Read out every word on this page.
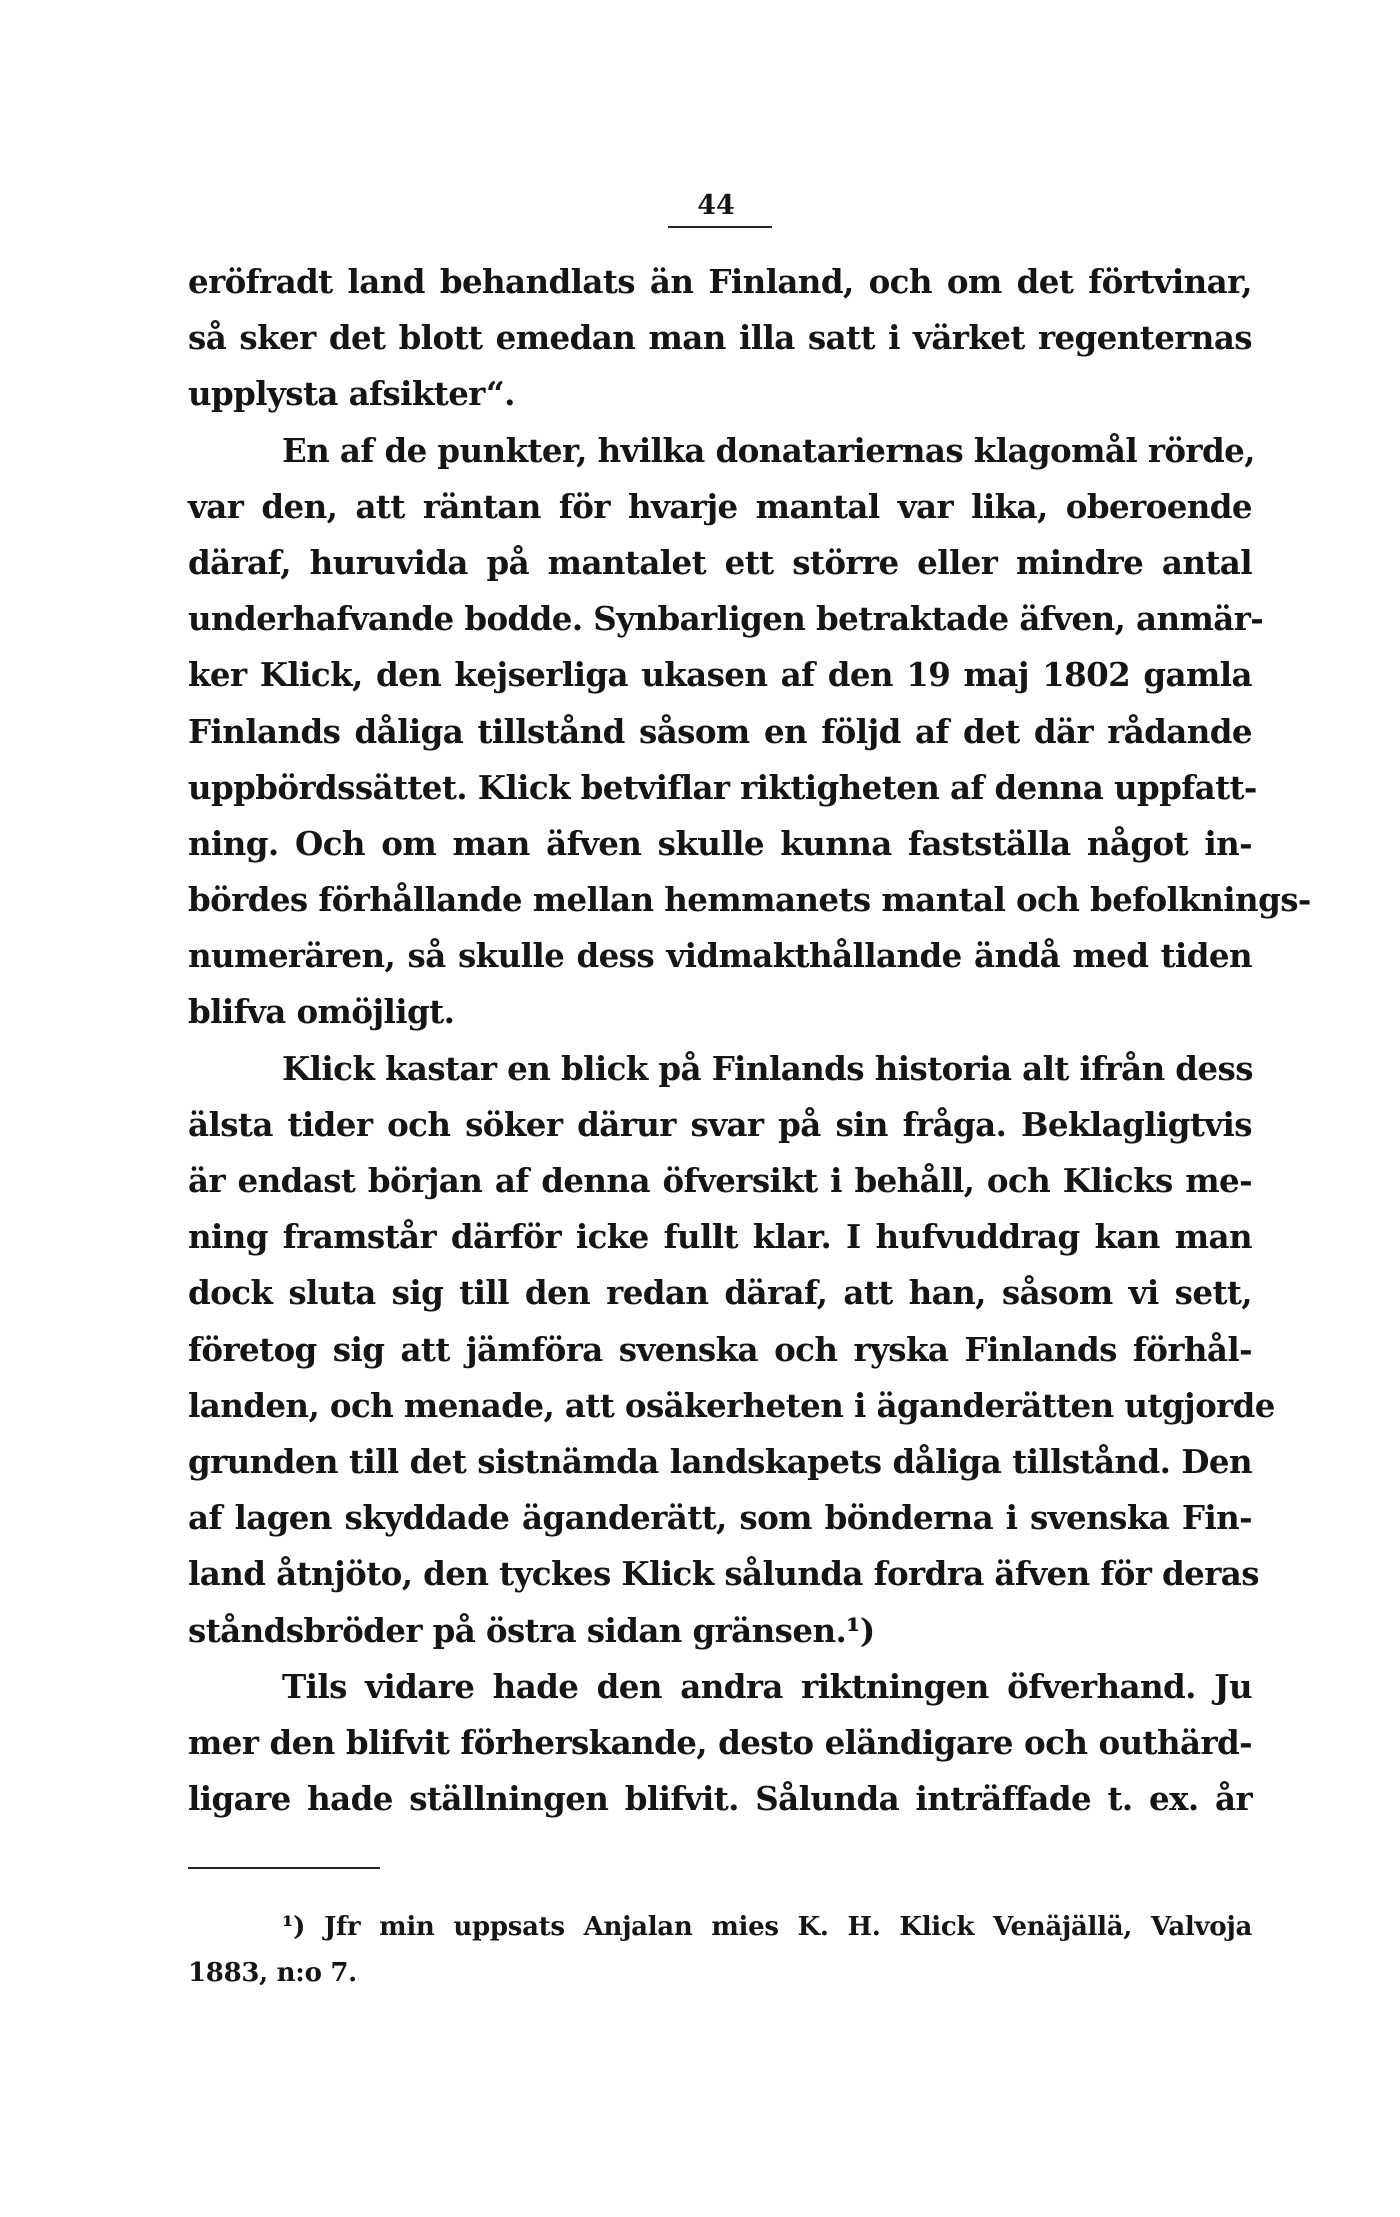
44
eröfradt land behandlats än Finland, och om det förtvinar,
så sker det blott emedan man illa satt i värket regenternas
upplysta afsikter“.
En af de punkter, hvilka donatariernas klagomål rörde,
var den, att räntan för hvarje mantal var lika, oberoende
däraf, huruvida på mantalet ett större eller mindre antal
underhafvande bodde. Synbarligen betraktade äfven, anmär-
ker Klick, den kejserliga ukasen af den 19 maj 1802 gamla
Finlands dåliga tillstånd såsom en följd af det där rådande
uppbördssättet. Klick betviflar riktigheten af denna uppfatt-
ning. Och om man äfven skulle kunna fastställa något in-
bördes förhållande mellan hemmanets mantal och befolknings-
numerären, så skulle dess vidmakthållande ändå med tiden
blifva omöjligt.
Klick kastar en blick på Finlands historia alt ifrån dess
älsta tider och söker därur svar på sin fråga. Beklagligtvis
är endast början af denna öfversikt i behåll, och Klicks me-
ning framstår därför icke fullt klar. I hufvuddrag kan man
dock sluta sig till den redan däraf, att han, såsom vi sett,
företog sig att jämföra svenska och ryska Finlands förhål-
landen, och menade, att osäkerheten i äganderätten utgjorde
grunden till det sistnämda landskapets dåliga tillstånd. Den
af lagen skyddade äganderätt, som bönderna i svenska Fin-
land åtnjöto, den tyckes Klick sålunda fordra äfven för deras
ståndsbröder på östra sidan gränsen.¹)
Tils vidare hade den andra riktningen öfverhand. Ju
mer den blifvit förherskande, desto eländigare och outhärd-
ligare hade ställningen blifvit. Sålunda inträffade t. ex. år
¹) Jfr min uppsats Anjalan mies K. H. Klick Venäjällä, Valvoja
1883, n:o 7.
